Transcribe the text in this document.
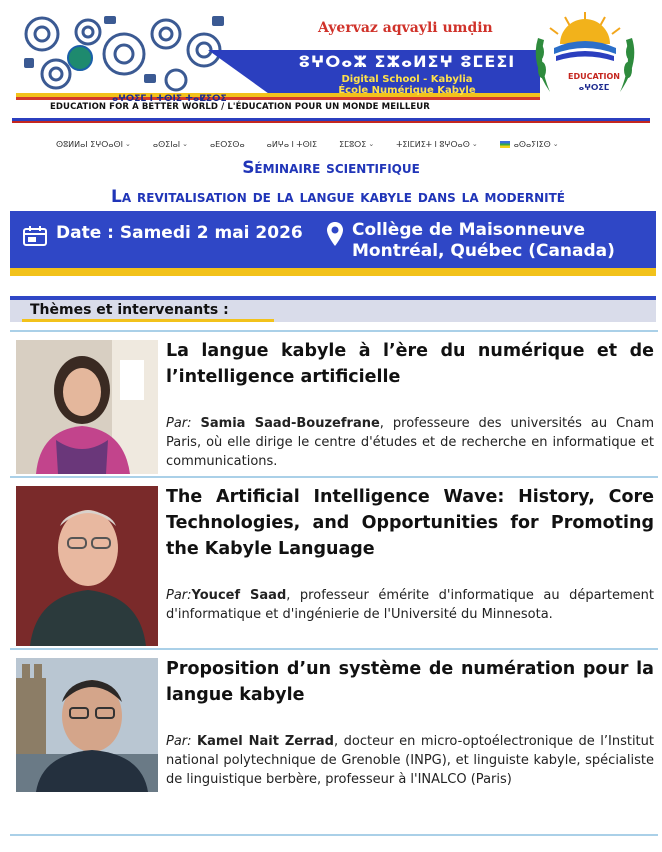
Ayervaz aqvayli umḍin
ⵓⵖⵔⴰⵣ ⵉⵣⴰⵍⵉⵖ ⵓⵎⴹⵉⵏ
Digital School - Kabylia
École Numérique Kabyle
ⴰⵖⵔⵉⵎ ⵏ ⵜⵙⵏⵉ ⵜⴰⵇⵉⵔⵉ
EDUCATION FOR A BETTER WORLD / L'ÉDUCATION POUR UN MONDE MEILLEUR
EDUCATION
ⴰⵖⵔⵉⵎ
ⵙⵓⵍⵍⴰⵏ ⵉⵖⵔⴰⵙⵏ ⌄	ⴰⵙⵉⵏⴰⵏ ⌄	ⴰⴹⵔⵉⵙⴰ	ⴰⵍⵖⴰ ⵏ ⵜⵙⵏⵉ	ⵉⵎⵓⵔⵉ ⌄	ⵜⵉⵏⵎⵍⵉⵜ ⵏ ⵓⵖⵔⴰⵙ ⌄	ⴰⵙⴰⵢⵏⵉⵙ ⌄
Séminaire scientifique
La revitalisation de la langue kabyle dans la modernité
Date : Samedi 2 mai 2026	Collège de Maisonneuve
Montréal, Québec (Canada)
Thèmes et intervenants :
La langue kabyle à l’ère du numérique et de l’intelligence artificielle
Par: Samia Saad-Bouzefrane, professeure des universités au Cnam Paris, où elle dirige le centre d'études et de recherche en informatique et communications.
The Artificial Intelligence Wave: History, Core Technologies, and Opportunities for Promoting the Kabyle Language
Par:Youcef Saad, professeur émérite d'informatique au département d'informatique et d'ingénierie de l'Université du Minnesota.
Proposition d’un système de numération pour la langue kabyle
Par: Kamel Nait Zerrad, docteur en micro-optoélectronique de l’Institut national polytechnique de Grenoble (INPG), et linguiste kabyle, spécialiste de linguistique berbère, professeur à l'INALCO (Paris)
